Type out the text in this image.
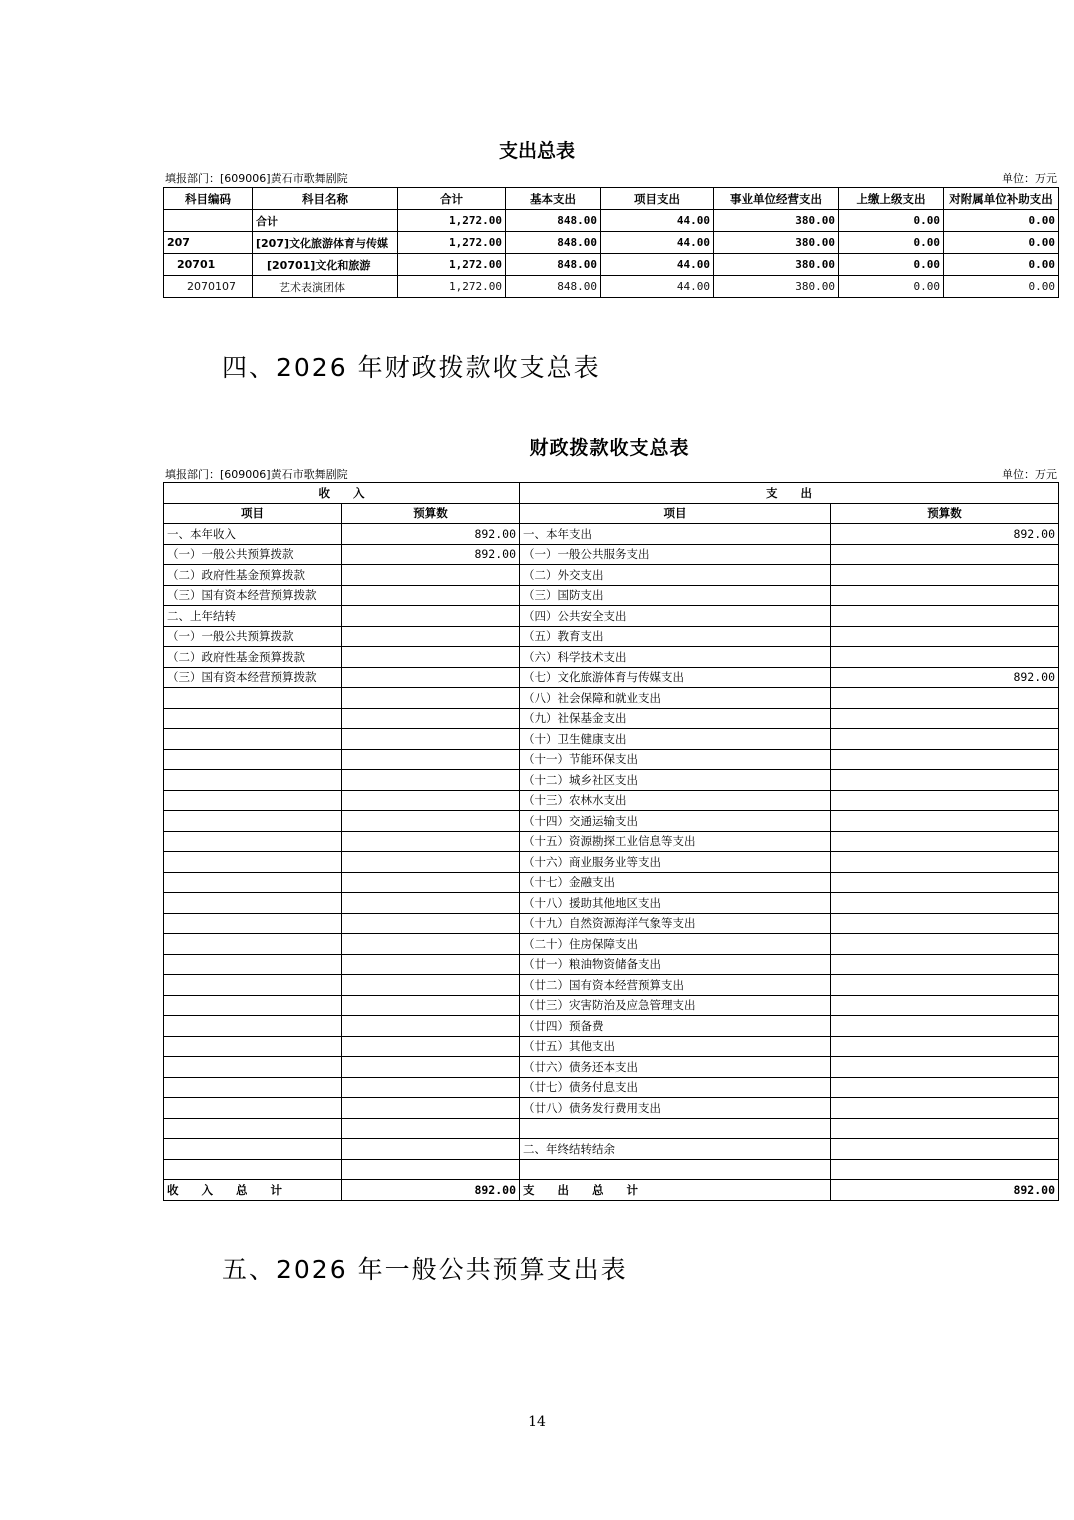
支出总表
填报部门：[609006]黄石市歌舞剧院	单位：万元
科目编码	科目名称	合计	基本支出	项目支出	事业单位经营支出	上缴上级支出	对附属单位补助支出
	合计	1,272.00	848.00	44.00	380.00	0.00	0.00
207	[207]文化旅游体育与传媒	1,272.00	848.00	44.00	380.00	0.00	0.00
20701	[20701]文化和旅游	1,272.00	848.00	44.00	380.00	0.00	0.00
2070107	艺术表演团体	1,272.00	848.00	44.00	380.00	0.00	0.00
四、2026 年财政拨款收支总表
财政拨款收支总表
填报部门：[609006]黄石市歌舞剧院	单位：万元
收　　入		支　　出	
项目	预算数	项目	预算数
一、本年收入	892.00	一、本年支出	892.00
（一）一般公共预算拨款	892.00	（一）一般公共服务支出	
（二）政府性基金预算拨款		（二）外交支出	
（三）国有资本经营预算拨款		（三）国防支出	
二、上年结转		（四）公共安全支出	
（一）一般公共预算拨款		（五）教育支出	
（二）政府性基金预算拨款		（六）科学技术支出	
（三）国有资本经营预算拨款		（七）文化旅游体育与传媒支出	892.00
		（八）社会保障和就业支出	
		（九）社保基金支出	
		（十）卫生健康支出	
		（十一）节能环保支出	
		（十二）城乡社区支出	
		（十三）农林水支出	
		（十四）交通运输支出	
		（十五）资源勘探工业信息等支出	
		（十六）商业服务业等支出	
		（十七）金融支出	
		（十八）援助其他地区支出	
		（十九）自然资源海洋气象等支出	
		（二十）住房保障支出	
		（廿一）粮油物资储备支出	
		（廿二）国有资本经营预算支出	
		（廿三）灾害防治及应急管理支出	
		（廿四）预备费	
		（廿五）其他支出	
		（廿六）债务还本支出	
		（廿七）债务付息支出	
		（廿八）债务发行费用支出	

		二、年终结转结余	

收　　入　　总　　计	892.00	支　　出　　总　　计	892.00
五、2026 年一般公共预算支出表
14
